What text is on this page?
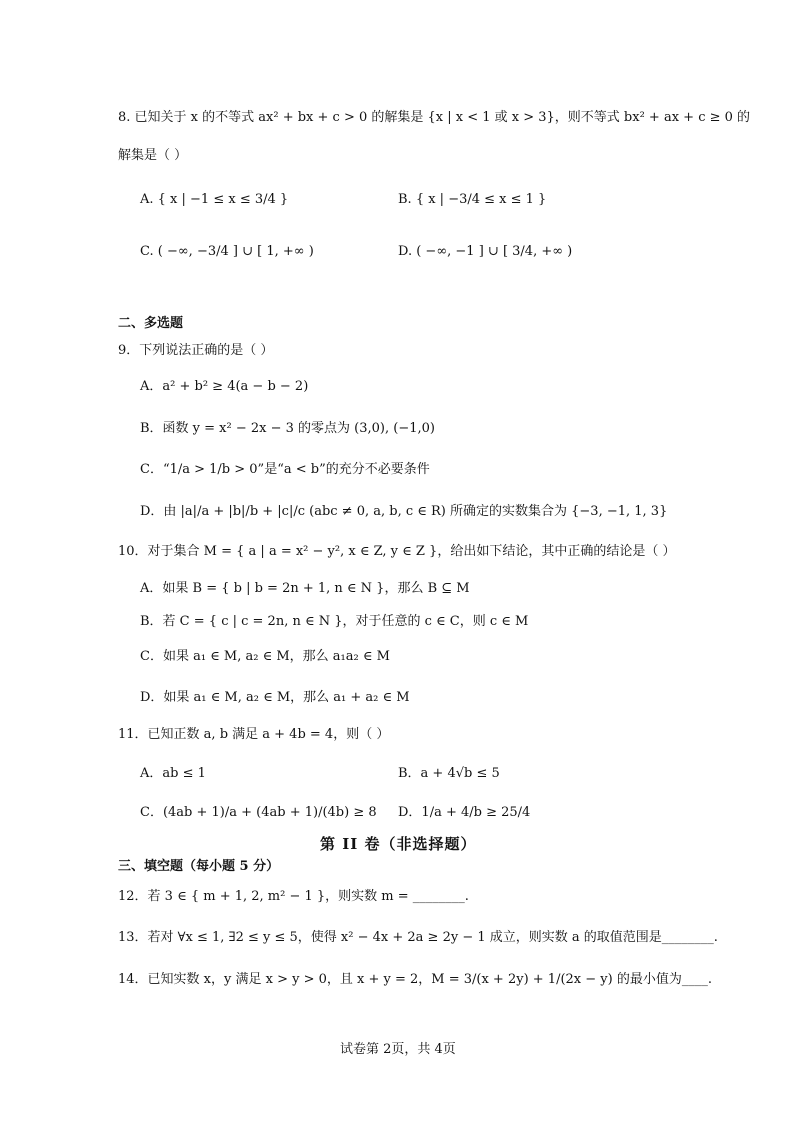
8. 已知关于 x 的不等式 ax² + bx + c > 0 的解集是 {x | x < 1 或 x > 3}，则不等式 bx² + ax + c ≥ 0 的
解集是（ ）
A. { x | −1 ≤ x ≤ 3/4 }	B. { x | −3/4 ≤ x ≤ 1 }
C. ( −∞, −3/4 ] ∪ [ 1, +∞ )	D. ( −∞, −1 ] ∪ [ 3/4, +∞ )
二、多选题
9．下列说法正确的是（ ）
A．a² + b² ≥ 4(a − b − 2)
B．函数 y = x² − 2x − 3 的零点为 (3,0), (−1,0)
C．“1/a > 1/b > 0”是“a < b”的充分不必要条件
D．由 |a|/a + |b|/b + |c|/c (abc ≠ 0, a, b, c ∈ R) 所确定的实数集合为 {−3, −1, 1, 3}
10．对于集合 M = { a | a = x² − y², x ∈ Z, y ∈ Z }，给出如下结论，其中正确的结论是（ ）
A．如果 B = { b | b = 2n + 1, n ∈ N }，那么 B ⊆ M
B．若 C = { c | c = 2n, n ∈ N }，对于任意的 c ∈ C，则 c ∈ M
C．如果 a₁ ∈ M, a₂ ∈ M，那么 a₁a₂ ∈ M
D．如果 a₁ ∈ M, a₂ ∈ M，那么 a₁ + a₂ ∈ M
11．已知正数 a, b 满足 a + 4b = 4，则（ ）
A．ab ≤ 1	B．a + 4√b ≤ 5
C．(4ab + 1)/a + (4ab + 1)/(4b) ≥ 8 D．1/a + 4/b ≥ 25/4
第 II 卷（非选择题）
三、填空题（每小题 5 分）
12．若 3 ∈ { m + 1, 2, m² − 1 }，则实数 m = ________.
13．若对 ∀x ≤ 1, ∃2 ≤ y ≤ 5，使得 x² − 4x + 2a ≥ 2y − 1 成立，则实数 a 的取值范围是________.
14．已知实数 x，y 满足 x > y > 0，且 x + y = 2，M = 3/(x + 2y) + 1/(2x − y) 的最小值为____.
试卷第 2页，共 4页
